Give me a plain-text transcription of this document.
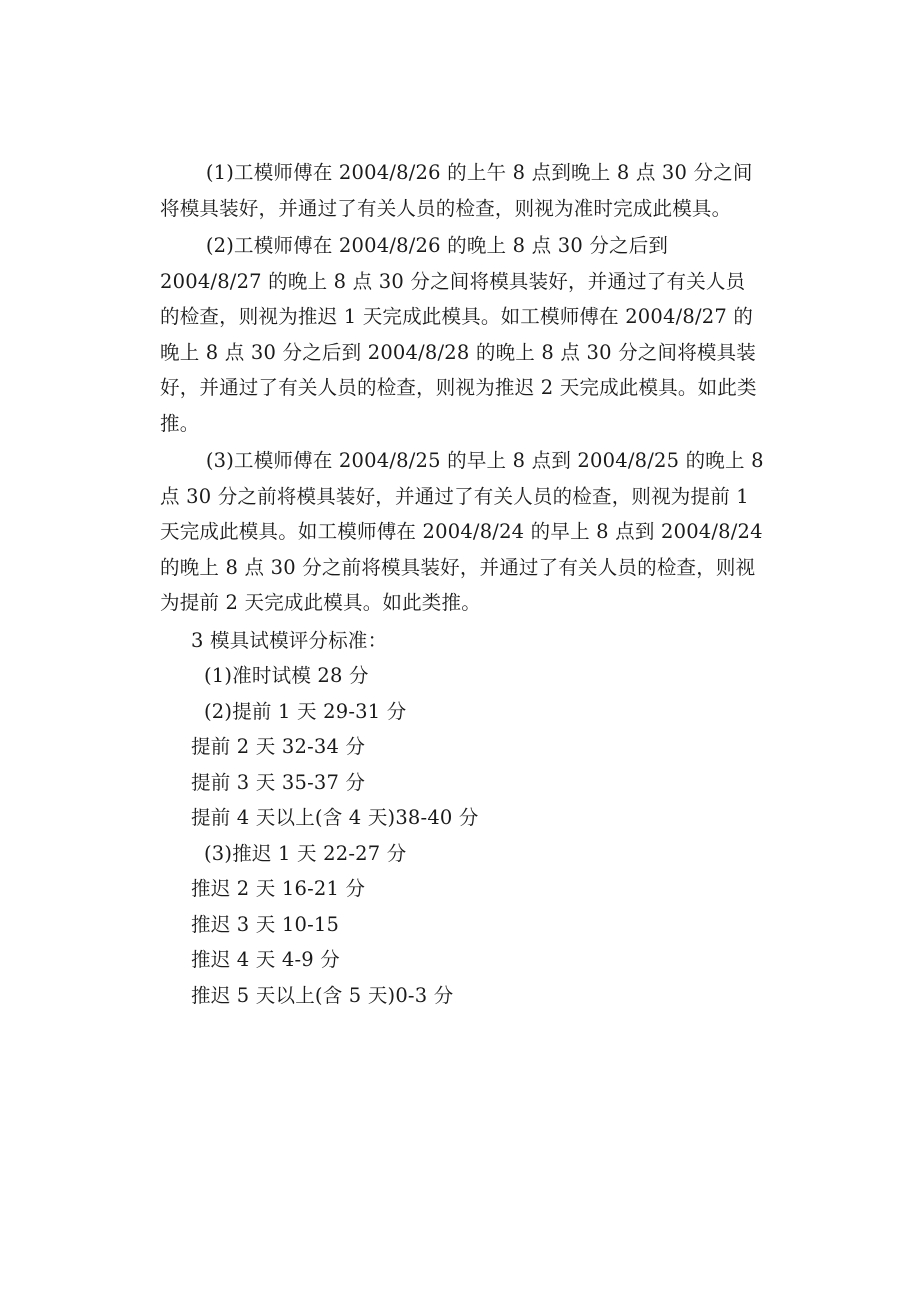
(1)工模师傅在 2004/8/26 的上午 8 点到晚上 8 点 30 分之间将模具装好，并通过了有关人员的检查，则视为准时完成此模具。

(2)工模师傅在 2004/8/26 的晚上 8 点 30 分之后到 2004/8/27 的晚上 8 点 30 分之间将模具装好，并通过了有关人员的检查，则视为推迟 1 天完成此模具。如工模师傅在 2004/8/27 的晚上 8 点 30 分之后到 2004/8/28 的晚上 8 点 30 分之间将模具装好，并通过了有关人员的检查，则视为推迟 2 天完成此模具。如此类推。

(3)工模师傅在 2004/8/25 的早上 8 点到 2004/8/25 的晚上 8 点 30 分之前将模具装好，并通过了有关人员的检查，则视为提前 1 天完成此模具。如工模师傅在 2004/8/24 的早上 8 点到 2004/8/24 的晚上 8 点 30 分之前将模具装好，并通过了有关人员的检查，则视为提前 2 天完成此模具。如此类推。

3 模具试模评分标准：

(1)准时试模 28 分

(2)提前 1 天 29-31 分

提前 2 天 32-34 分

提前 3 天 35-37 分

提前 4 天以上(含 4 天)38-40 分

(3)推迟 1 天 22-27 分

推迟 2 天 16-21 分

推迟 3 天 10-15

推迟 4 天 4-9 分

推迟 5 天以上(含 5 天)0-3 分
